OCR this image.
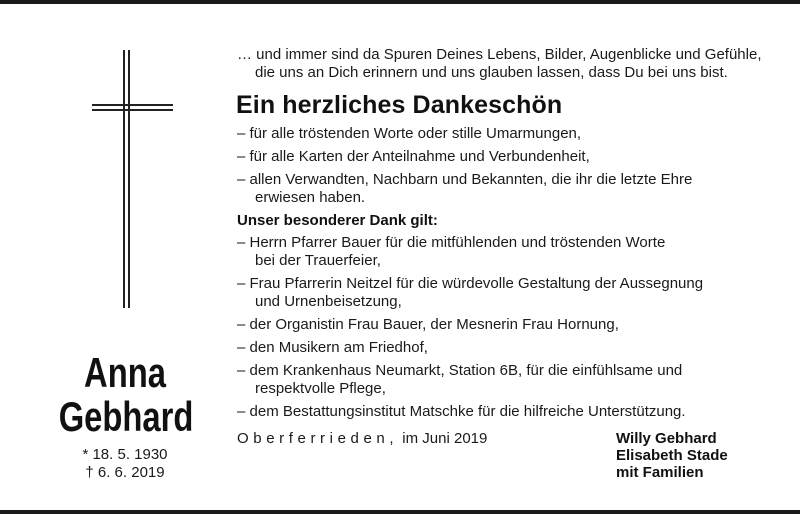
… und immer sind da Spuren Deines Lebens, Bilder, Augenblicke und Gefühle,
die uns an Dich erinnern und uns glauben lassen, dass Du bei uns bist.
Ein herzliches Dankeschön
– für alle tröstenden Worte oder stille Umarmungen,
– für alle Karten der Anteilnahme und Verbundenheit,
– allen Verwandten, Nachbarn und Bekannten, die ihr die letzte Ehre
erwiesen haben.
Unser besonderer Dank gilt:
– Herrn Pfarrer Bauer für die mitfühlenden und tröstenden Worte
bei der Trauerfeier,
– Frau Pfarrerin Neitzel für die würdevolle Gestaltung der Aussegnung
und Urnenbeisetzung,
– der Organistin Frau Bauer, der Mesnerin Frau Hornung,
– den Musikern am Friedhof,
– dem Krankenhaus Neumarkt, Station 6B, für die einfühlsame und
respektvolle Pflege,
– dem Bestattungsinstitut Matschke für die hilfreiche Unterstützung.
Anna
Gebhard
* 18. 5. 1930
† 6. 6. 2019
Oberferrieden, im Juni 2019	Willy Gebhard
Elisabeth Stade
mit Familien
